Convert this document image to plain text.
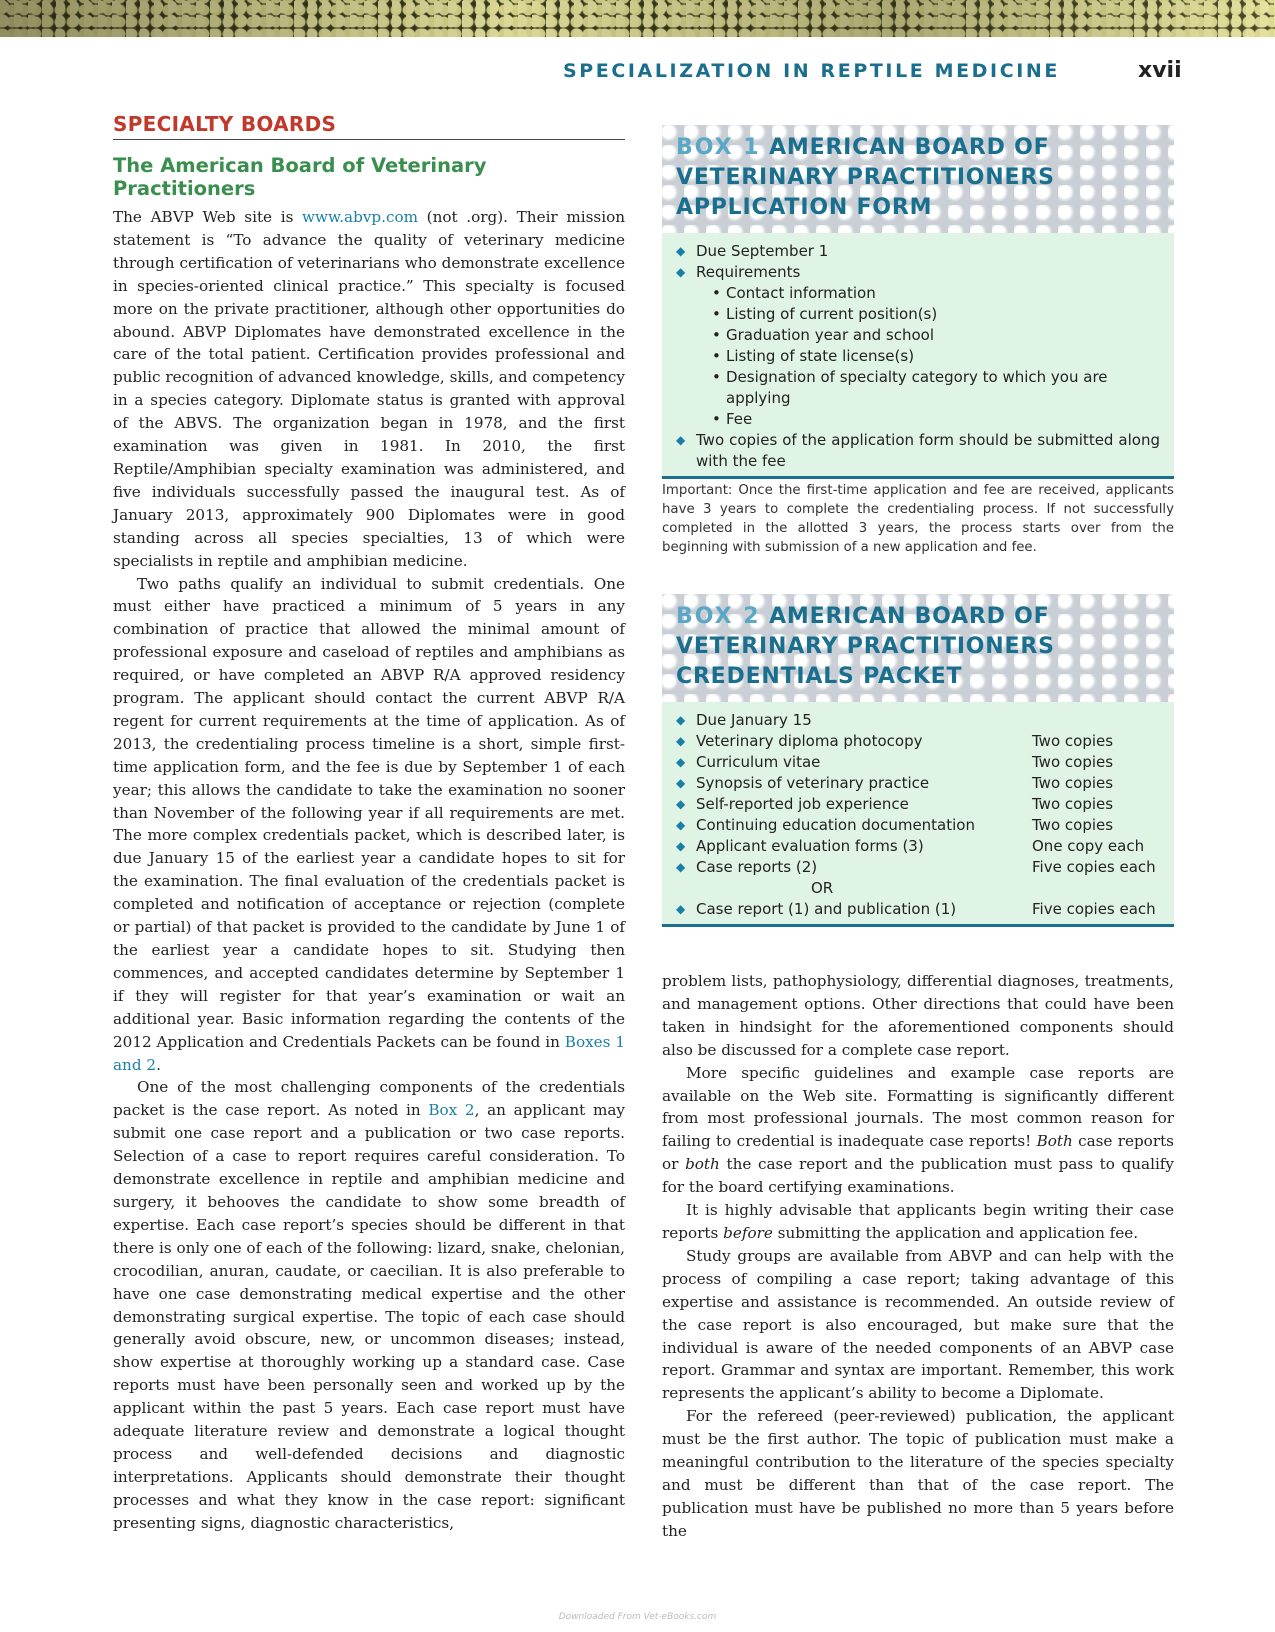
SPECIALIZATION IN REPTILE MEDICINE	xvii
SPECIALTY BOARDS
The American Board of Veterinary Practitioners

The ABVP Web site is www.abvp.com (not .org). Their mission statement is “To advance the quality of veterinary medicine through certification of veterinarians who demonstrate excellence in species-oriented clinical practice.” This specialty is focused more on the private practitioner, although other opportunities do abound. ABVP Diplomates have demonstrated excellence in the care of the total patient. Certification provides professional and public recognition of advanced knowledge, skills, and competency in a species category. Diplomate status is granted with approval of the ABVS. The organization began in 1978, and the first examination was given in 1981. In 2010, the first Reptile/Amphibian specialty examination was administered, and five individuals successfully passed the inaugural test. As of January 2013, approximately 900 Diplomates were in good standing across all species specialties, 13 of which were specialists in reptile and amphibian medicine.

Two paths qualify an individual to submit credentials. One must either have practiced a minimum of 5 years in any combination of practice that allowed the minimal amount of professional exposure and caseload of reptiles and amphibians as required, or have completed an ABVP R/A approved residency program. The applicant should contact the current ABVP R/A regent for current requirements at the time of application. As of 2013, the credentialing process timeline is a short, simple first-time application form, and the fee is due by September 1 of each year; this allows the candidate to take the examination no sooner than November of the following year if all requirements are met. The more complex credentials packet, which is described later, is due January 15 of the earliest year a candidate hopes to sit for the examination. The final evaluation of the credentials packet is completed and notification of acceptance or rejection (complete or partial) of that packet is provided to the candidate by June 1 of the earliest year a candidate hopes to sit. Studying then commences, and accepted candidates determine by September 1 if they will register for that year’s examination or wait an additional year. Basic information regarding the contents of the 2012 Application and Credentials Packets can be found in Boxes 1 and 2.

One of the most challenging components of the credentials packet is the case report. As noted in Box 2, an applicant may submit one case report and a publication or two case reports. Selection of a case to report requires careful consideration. To demonstrate excellence in reptile and amphibian medicine and surgery, it behooves the candidate to show some breadth of expertise. Each case report’s species should be different in that there is only one of each of the following: lizard, snake, chelonian, crocodilian, anuran, caudate, or caecilian. It is also preferable to have one case demonstrating medical expertise and the other demonstrating surgical expertise. The topic of each case should generally avoid obscure, new, or uncommon diseases; instead, show expertise at thoroughly working up a standard case. Case reports must have been personally seen and worked up by the applicant within the past 5 years. Each case report must have adequate literature review and demonstrate a logical thought process and well-defended decisions and diagnostic interpretations. Applicants should demonstrate their thought processes and what they know in the case report: significant presenting signs, diagnostic characteristics,

BOX 1 AMERICAN BOARD OF VETERINARY PRACTITIONERS APPLICATION FORM
◆ Due September 1
◆ Requirements
• Contact information
• Listing of current position(s)
• Graduation year and school
• Listing of state license(s)
• Designation of specialty category to which you are applying
• Fee
◆ Two copies of the application form should be submitted along with the fee
Important: Once the first-time application and fee are received, applicants have 3 years to complete the credentialing process. If not successfully completed in the allotted 3 years, the process starts over from the beginning with submission of a new application and fee.
BOX 2 AMERICAN BOARD OF VETERINARY PRACTITIONERS CREDENTIALS PACKET
◆ Due January 15
◆ Veterinary diploma photocopy	Two copies
◆ Curriculum vitae	Two copies
◆ Synopsis of veterinary practice	Two copies
◆ Self-reported job experience	Two copies
◆ Continuing education documentation	Two copies
◆ Applicant evaluation forms (3)	One copy each
◆ Case reports (2)	Five copies each
OR
◆ Case report (1) and publication (1)	Five copies each

problem lists, pathophysiology, differential diagnoses, treatments, and management options. Other directions that could have been taken in hindsight for the aforementioned components should also be discussed for a complete case report.

More specific guidelines and example case reports are available on the Web site. Formatting is significantly different from most professional journals. The most common reason for failing to credential is inadequate case reports! Both case reports or both the case report and the publication must pass to qualify for the board certifying examinations.

It is highly advisable that applicants begin writing their case reports before submitting the application and application fee.

Study groups are available from ABVP and can help with the process of compiling a case report; taking advantage of this expertise and assistance is recommended. An outside review of the case report is also encouraged, but make sure that the individual is aware of the needed components of an ABVP case report. Grammar and syntax are important. Remember, this work represents the applicant’s ability to become a Diplomate.

For the refereed (peer-reviewed) publication, the applicant must be the first author. The topic of publication must make a meaningful contribution to the literature of the species specialty and must be different than that of the case report. The publication must have be published no more than 5 years before the

Downloaded From Vet-eBooks.com
